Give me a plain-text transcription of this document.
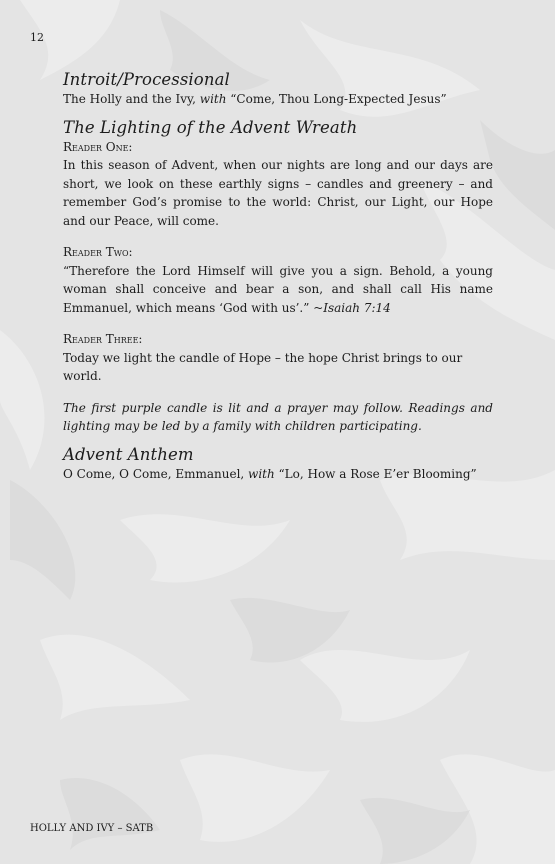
12
Introit/Processional

The Holly and the Ivy, with “Come, Thou Long-Expected Jesus”

The Lighting of the Advent Wreath
Reader One:

In this season of Advent, when our nights are long and our days are short, we look on these earthly signs – candles and greenery – and remember God’s promise to the world: Christ, our Light, our Hope and our Peace, will come.

Reader Two:

“Therefore the Lord Himself will give you a sign. Behold, a young woman shall conceive and bear a son, and shall call His name Emmanuel, which means ‘God with us’.” ~Isaiah 7:14

Reader Three:

Today we light the candle of Hope – the hope Christ brings to our world.

The first purple candle is lit and a prayer may follow. Readings and lighting may be led by a family with children participating.

Advent Anthem

O Come, O Come, Emmanuel, with “Lo, How a Rose E’er Blooming”

HOLLY AND IVY – SATB
